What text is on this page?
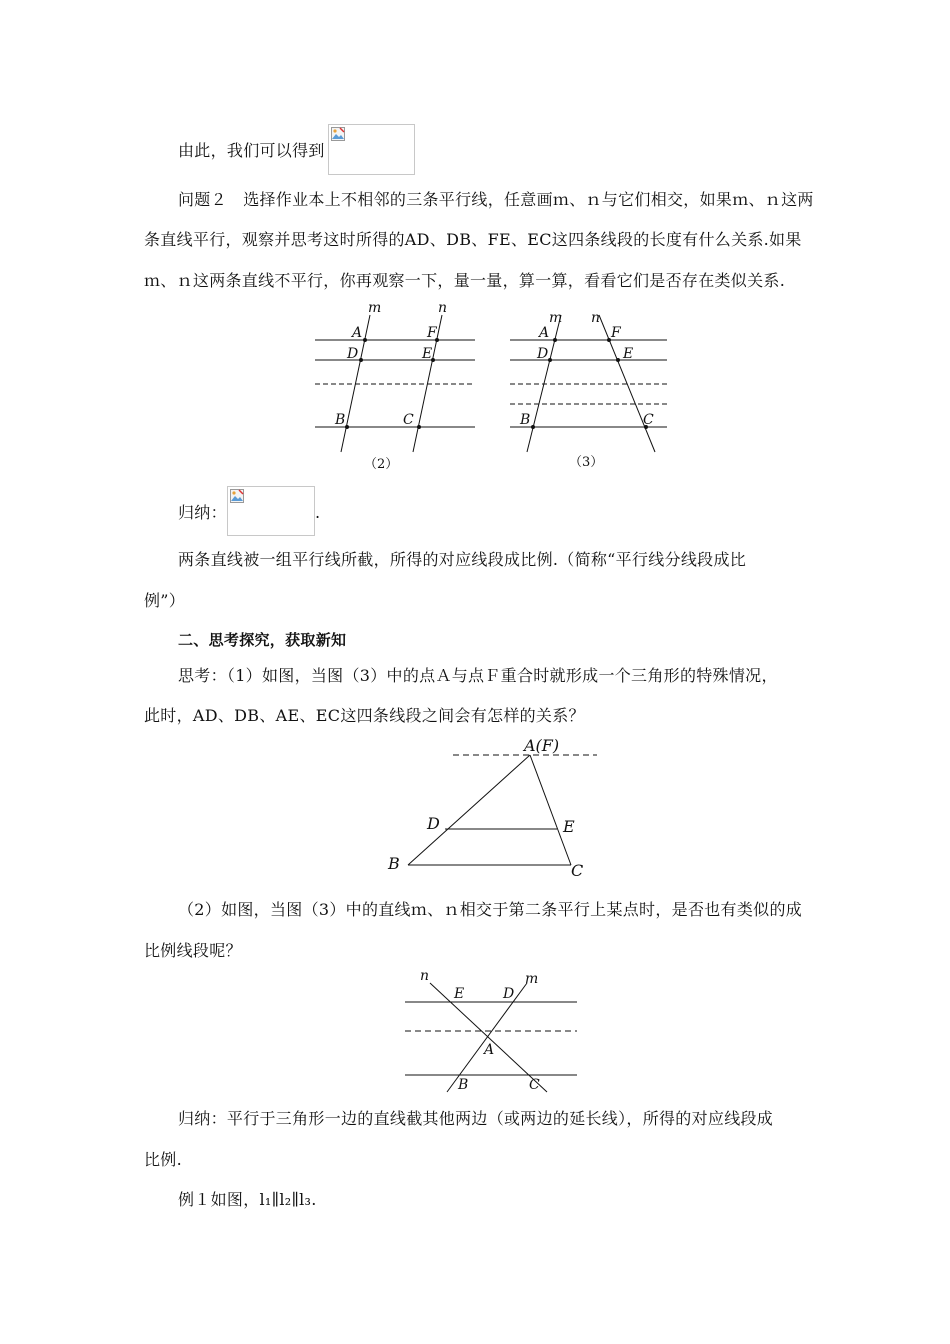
由此，我们可以得到
问题２　选择作业本上不相邻的三条平行线，任意画ｍ、ｎ与它们相交，如果ｍ、ｎ这两
条直线平行，观察并思考这时所得的AD、DB、FE、EC这四条线段的长度有什么关系.如果
ｍ、ｎ这两条直线不平行，你再观察一下，量一量，算一算，看看它们是否存在类似关系.
m	n
A
D
F
E
B	C
（2）
m n
A
D
F
E
B	C
（3）
归纳：	.
两条直线被一组平行线所截，所得的对应线段成比例.（简称“平行线分线段成比
例”）
二、思考探究，获取新知
思考：（1）如图，当图（3）中的点Ａ与点Ｆ重合时就形成一个三角形的特殊情况，
此时，AD、DB、AE、EC这四条线段之间会有怎样的关系？
A(F)
D	E
B	C
（2）如图，当图（3）中的直线ｍ、ｎ相交于第二条平行上某点时，是否也有类似的成
比例线段呢？
n	m
E	D
A
B	C
归纳：平行于三角形一边的直线截其他两边（或两边的延长线），所得的对应线段成
比例.
例１如图，l₁∥l₂∥l₃.
